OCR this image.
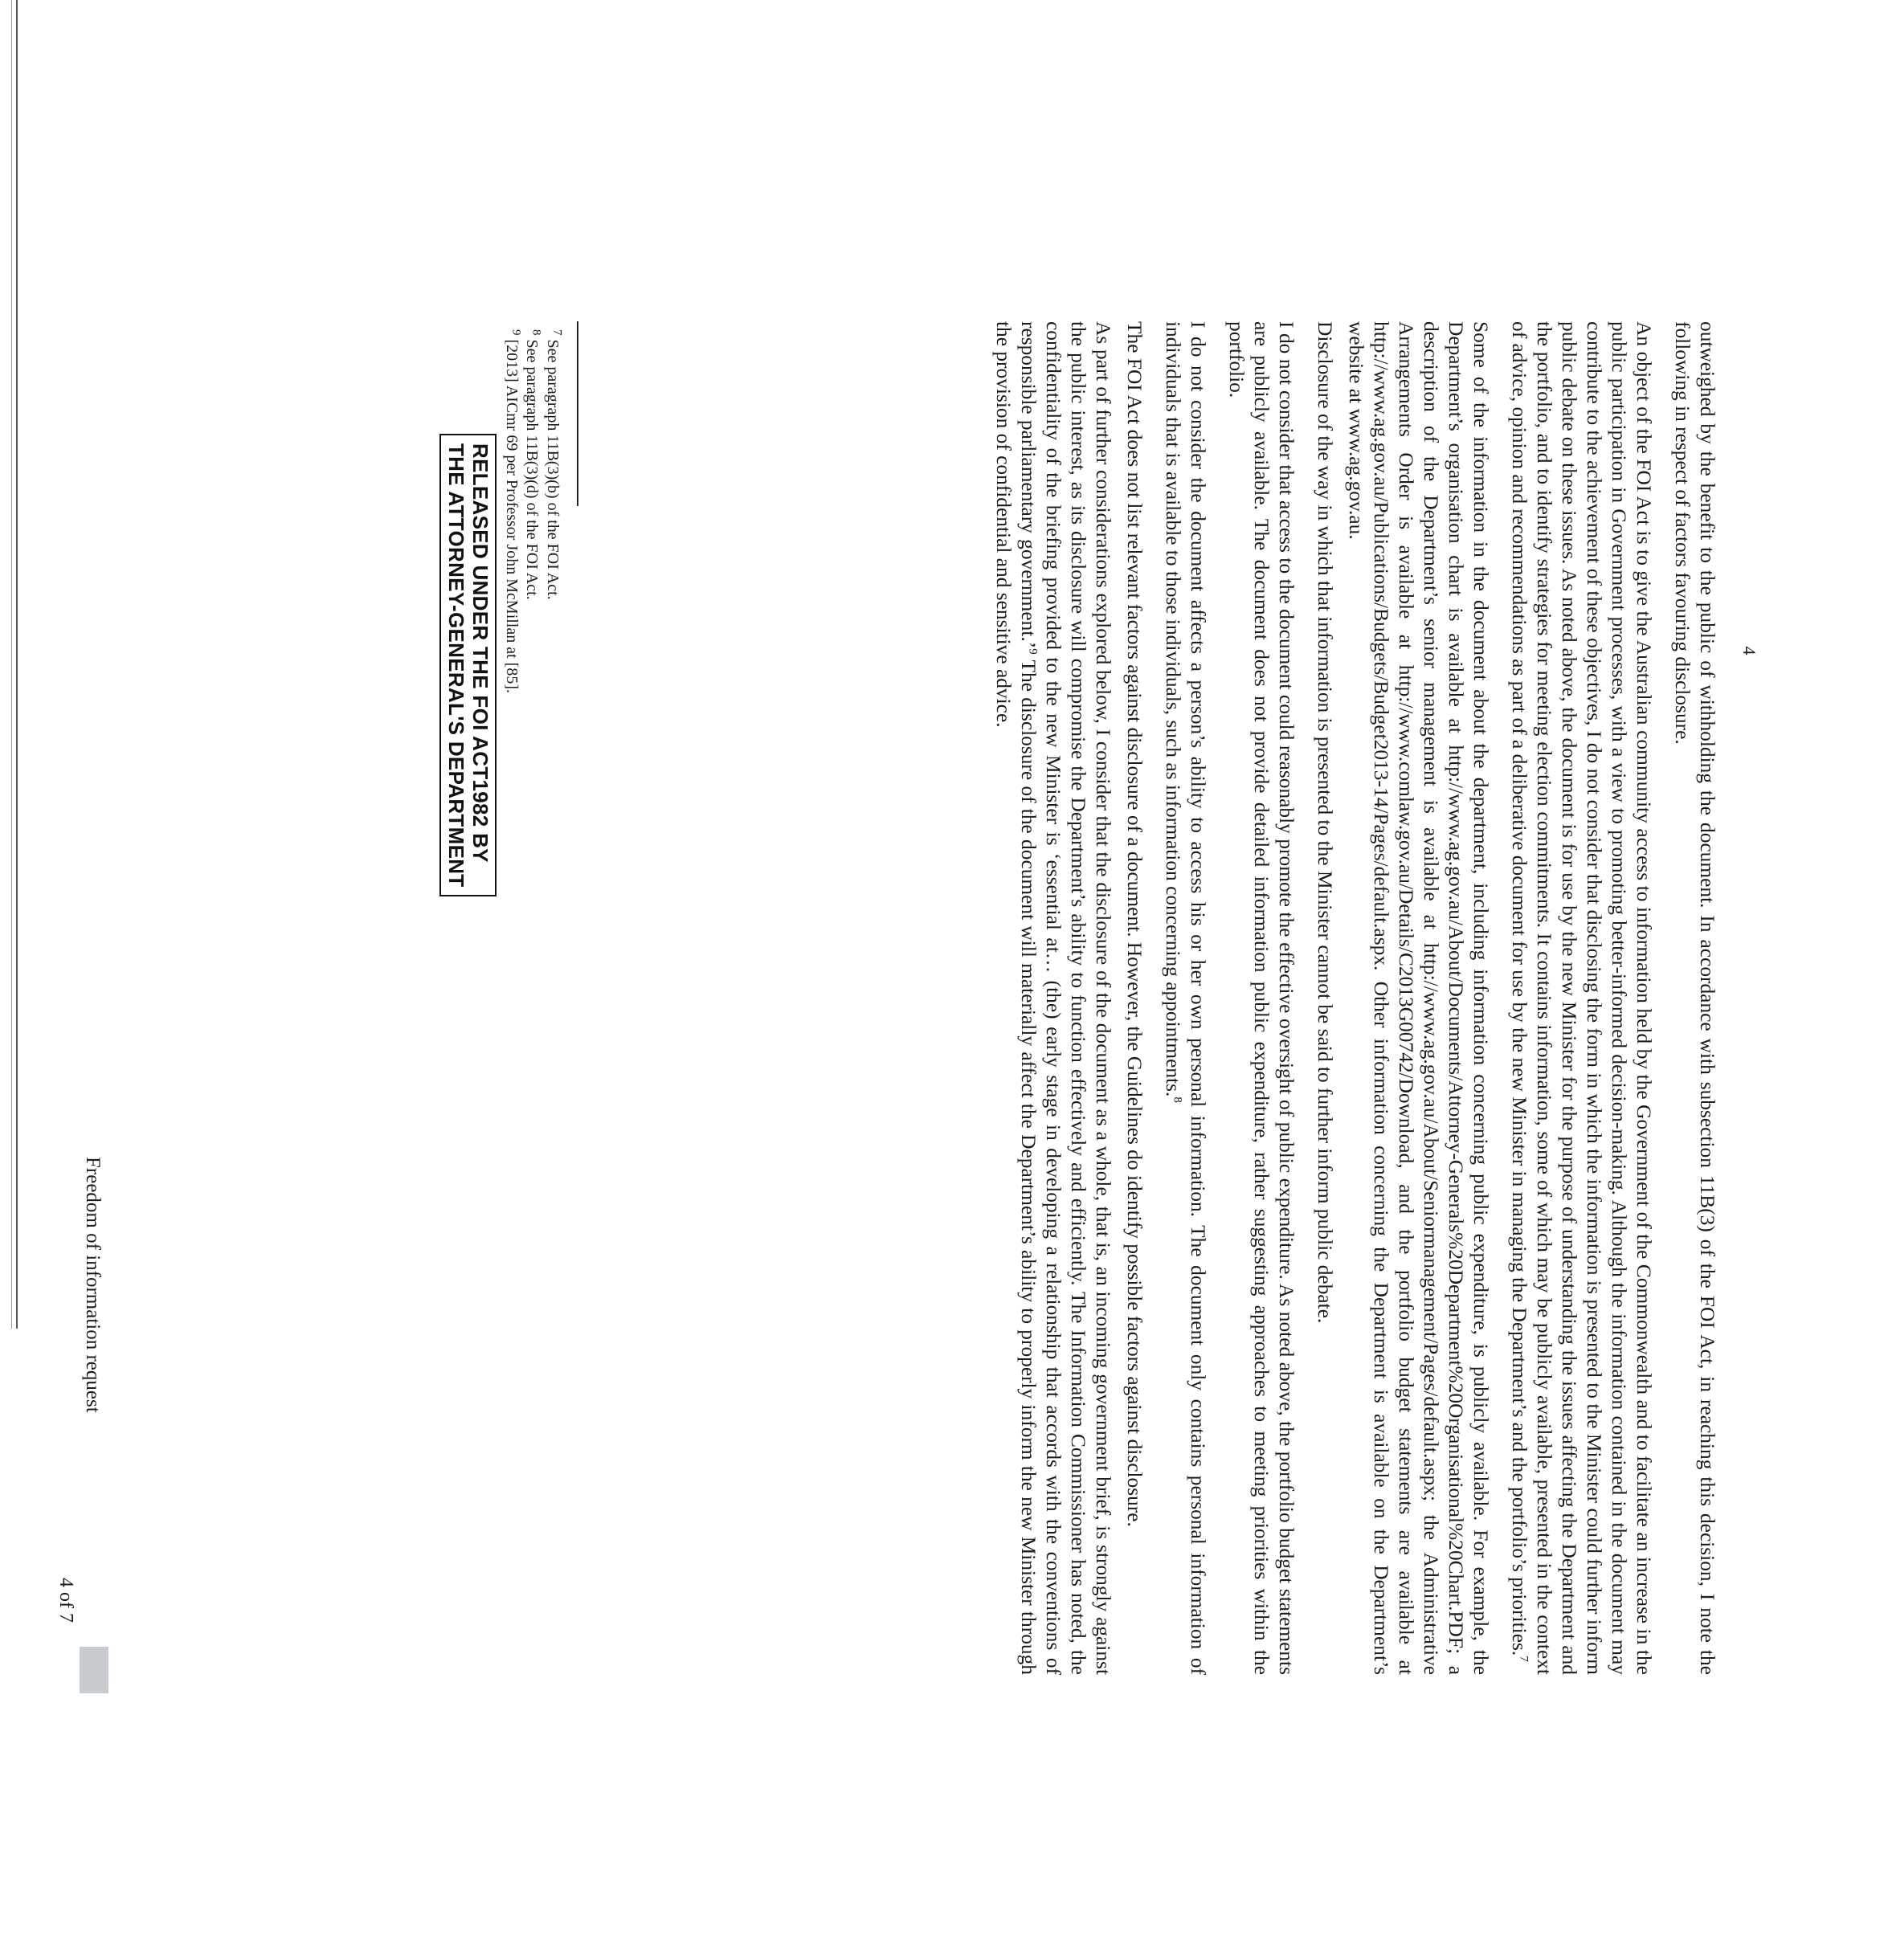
4

outweighed by the benefit to the public of withholding the document. In accordance with subsection 11B(3) of the FOI Act, in reaching this decision, I note the following in respect of factors favouring disclosure.

An object of the FOI Act is to give the Australian community access to information held by the Government of the Commonwealth and to facilitate an increase in the public participation in Government processes, with a view to promoting better-informed decision-making. Although the information contained in the document may contribute to the achievement of these objectives, I do not consider that disclosing the form in which the information is presented to the Minister could further inform public debate on these issues. As noted above, the document is for use by the new Minister for the purpose of understanding the issues affecting the Department and the portfolio, and to identify strategies for meeting election commitments. It contains information, some of which may be publicly available, presented in the context of advice, opinion and recommendations as part of a deliberative document for use by the new Minister in managing the Department’s and the portfolio’s priorities.$^7$

Some of the information in the document about the department, including information concerning public expenditure, is publicly available. For example, the Department’s organisation chart is available at http://www.ag.gov.au/About/Documents/Attorney-Generals%20Department%20Organisational%20Chart.PDF; a description of the Department’s senior management is available at http://www.ag.gov.au/About/Seniormanagement/Pages/default.aspx; the Administrative Arrangements Order is available at http://www.comlaw.gov.au/Details/C2013G00742/Download, and the portfolio budget statements are available at http://www.ag.gov.au/Publications/Budgets/Budget2013-14/Pages/default.aspx. Other information concerning the Department is available on the Department’s website at www.ag.gov.au.

Disclosure of the way in which that information is presented to the Minister cannot be said to further inform public debate.

I do not consider that access to the document could reasonably promote the effective oversight of public expenditure. As noted above, the portfolio budget statements are publicly available. The document does not provide detailed information public expenditure, rather suggesting approaches to meeting priorities within the portfolio.

I do not consider the document affects a person’s ability to access his or her own personal information. The document only contains personal information of individuals that is available to those individuals, such as information concerning appointments.$^8$

The FOI Act does not list relevant factors against disclosure of a document. However, the Guidelines do identify possible factors against disclosure.

As part of further considerations explored below, I consider that the disclosure of the document as a whole, that is, an incoming government brief, is strongly against the public interest, as its disclosure will compromise the Department’s ability to function effectively and efficiently. The Information Commissioner has noted, the confidentiality of the briefing provided to the new Minister is ‘essential at… (the) early stage in developing a relationship that accords with the conventions of responsible parliamentary government.’$^9$ The disclosure of the document will materially affect the Department’s ability to properly inform the new Minister through the provision of confidential and sensitive advice.

$^7$ See paragraph 11B(3)(b) of the FOI Act.
$^8$ See paragraph 11B(3)(d) of the FOI Act.
$^9$ [2013] AICmr 69 per Professor John McMillan at [85].
RELEASED UNDER THE FOI ACT1982 BY
THE ATTORNEY-GENERAL'S DEPARTMENT
Freedom of information request
4 of 7
